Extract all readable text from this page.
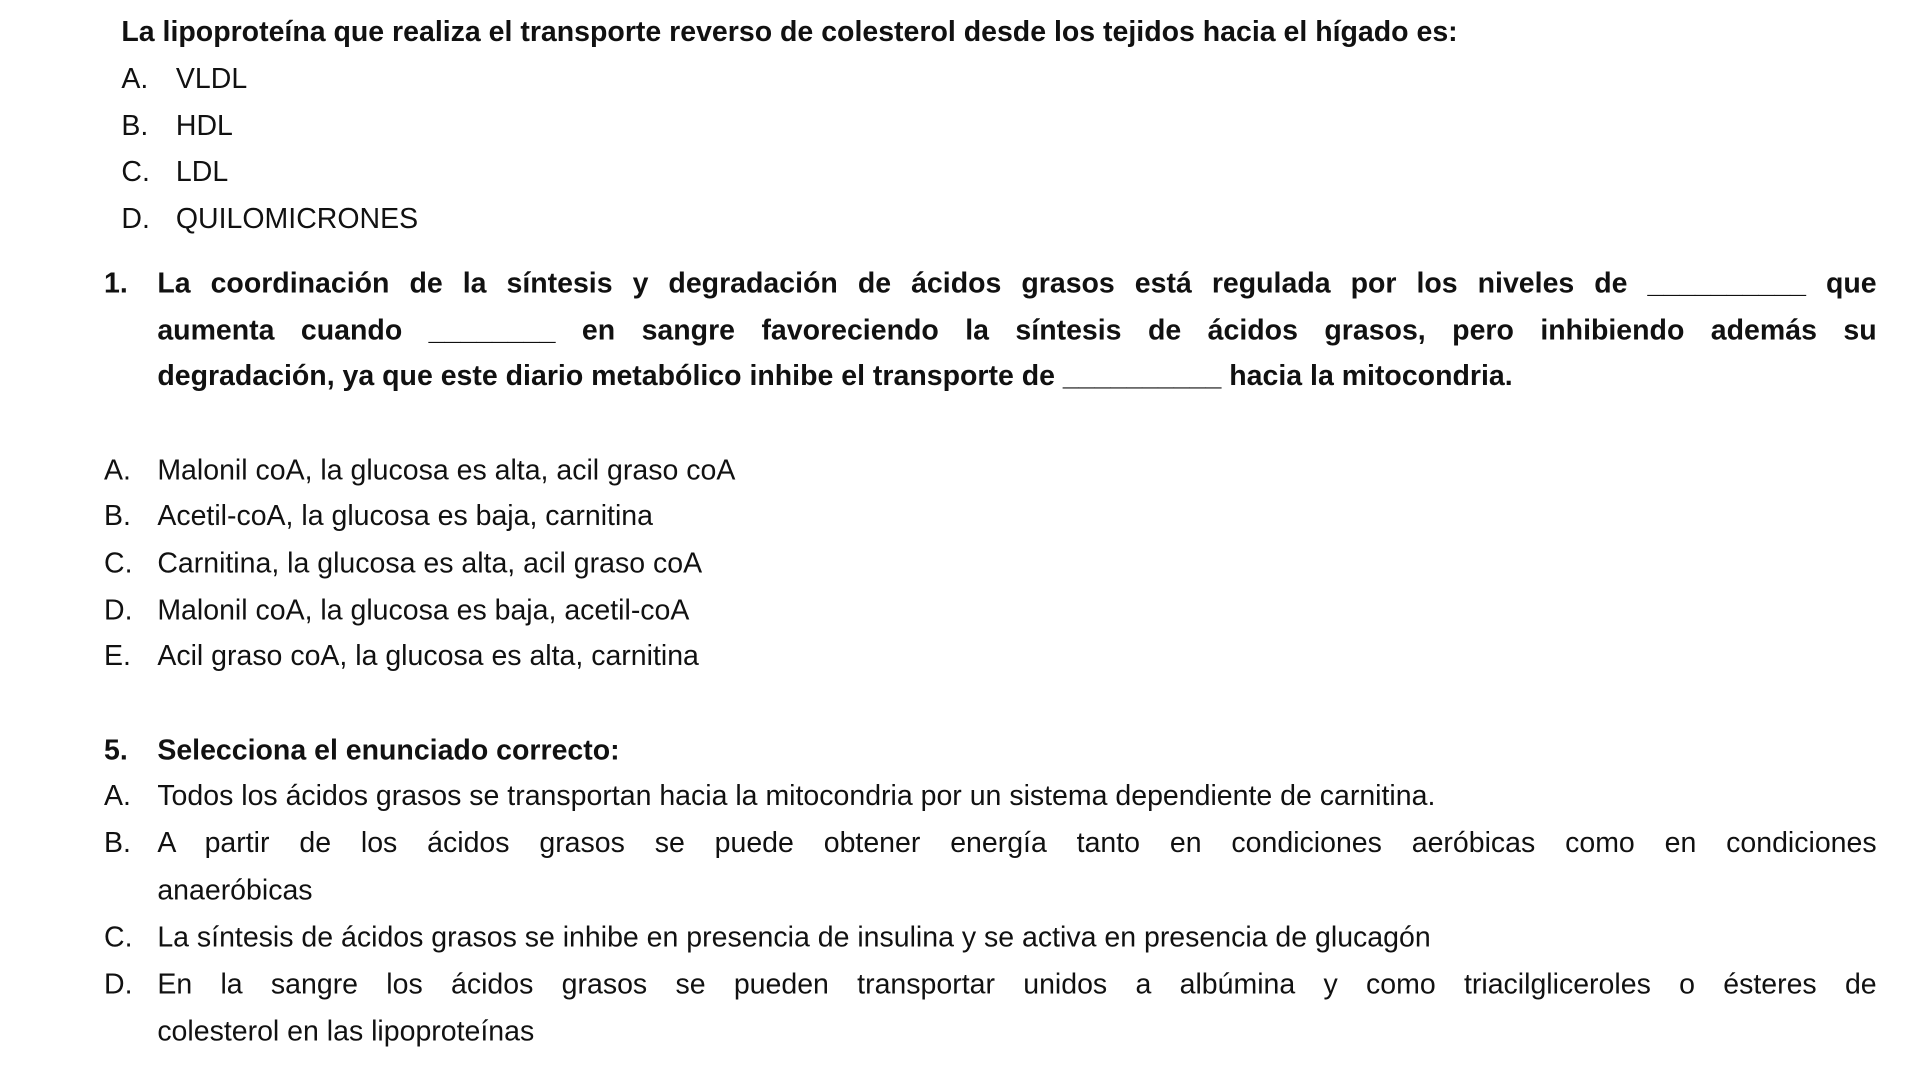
La lipoproteína que realiza el transporte reverso de colesterol desde los tejidos hacia el hígado es:
A. VLDL
B. HDL
C. LDL
D. QUILOMICRONES
1. La coordinación de la síntesis y degradación de ácidos grasos está regulada por los niveles de __________ que
aumenta cuando ________ en sangre favoreciendo la síntesis de ácidos grasos, pero inhibiendo además su
degradación, ya que este diario metabólico inhibe el transporte de __________ hacia la mitocondria.
A. Malonil coA, la glucosa es alta, acil graso coA
B. Acetil-coA, la glucosa es baja, carnitina
C. Carnitina, la glucosa es alta, acil graso coA
D. Malonil coA, la glucosa es baja, acetil-coA
E. Acil graso coA, la glucosa es alta, carnitina
5. Selecciona el enunciado correcto:
A. Todos los ácidos grasos se transportan hacia la mitocondria por un sistema dependiente de carnitina.
B. A partir de los ácidos grasos se puede obtener energía tanto en condiciones aeróbicas como en condiciones
anaeróbicas
C. La síntesis de ácidos grasos se inhibe en presencia de insulina y se activa en presencia de glucagón
D. En la sangre los ácidos grasos se pueden transportar unidos a albúmina y como triacilgliceroles o ésteres de
colesterol en las lipoproteínas
